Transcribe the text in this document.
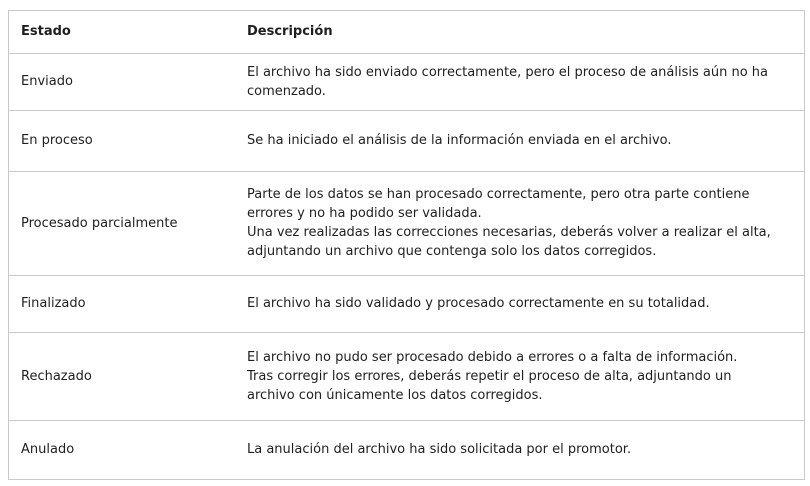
Estado	Descripción
Enviado	El archivo ha sido enviado correctamente, pero el proceso de análisis aún no ha
comenzado.

En proceso	Se ha iniciado el análisis de la información enviada en el archivo.

Procesado parcialmente	Parte de los datos se han procesado correctamente, pero otra parte contiene
errores y no ha podido ser validada.
Una vez realizadas las correcciones necesarias, deberás volver a realizar el alta,
adjuntando un archivo que contenga solo los datos corregidos.

Finalizado	El archivo ha sido validado y procesado correctamente en su totalidad.

Rechazado	El archivo no pudo ser procesado debido a errores o a falta de información.
Tras corregir los errores, deberás repetir el proceso de alta, adjuntando un
archivo con únicamente los datos corregidos.

Anulado	La anulación del archivo ha sido solicitada por el promotor.
